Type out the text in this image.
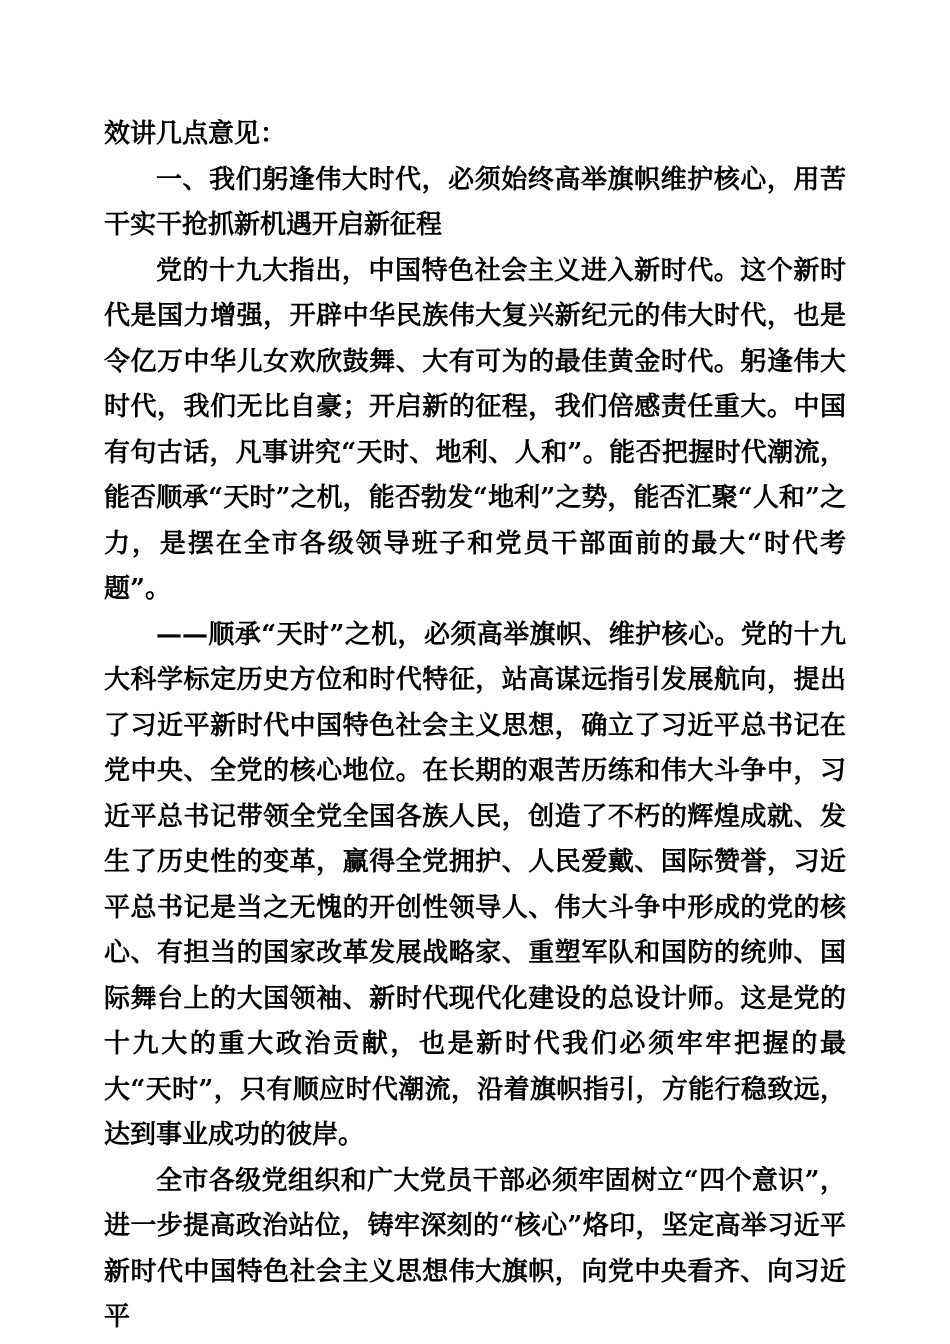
效讲几点意见：

一、我们躬逢伟大时代，必须始终高举旗帜维护核心，用苦干实干抢抓新机遇开启新征程

党的十九大指出，中国特色社会主义进入新时代。这个新时代是国力增强，开辟中华民族伟大复兴新纪元的伟大时代，也是令亿万中华儿女欢欣鼓舞、大有可为的最佳黄金时代。躬逢伟大时代，我们无比自豪；开启新的征程，我们倍感责任重大。中国有句古话，凡事讲究“天时、地利、人和”。能否把握时代潮流，能否顺承“天时”之机，能否勃发“地利”之势，能否汇聚“人和”之力，是摆在全市各级领导班子和党员干部面前的最大“时代考题”。

——顺承“天时”之机，必须高举旗帜、维护核心。党的十九大科学标定历史方位和时代特征，站高谋远指引发展航向，提出了习近平新时代中国特色社会主义思想，确立了习近平总书记在党中央、全党的核心地位。在长期的艰苦历练和伟大斗争中，习近平总书记带领全党全国各族人民，创造了不朽的辉煌成就、发生了历史性的变革，赢得全党拥护、人民爱戴、国际赞誉，习近平总书记是当之无愧的开创性领导人、伟大斗争中形成的党的核心、有担当的国家改革发展战略家、重塑军队和国防的统帅、国际舞台上的大国领袖、新时代现代化建设的总设计师。这是党的十九大的重大政治贡献，也是新时代我们必须牢牢把握的最大“天时”，只有顺应时代潮流，沿着旗帜指引，方能行稳致远，达到事业成功的彼岸。

全市各级党组织和广大党员干部必须牢固树立“四个意识”，进一步提高政治站位，铸牢深刻的“核心”烙印，坚定高举习近平新时代中国特色社会主义思想伟大旗帜，向党中央看齐、向习近平
